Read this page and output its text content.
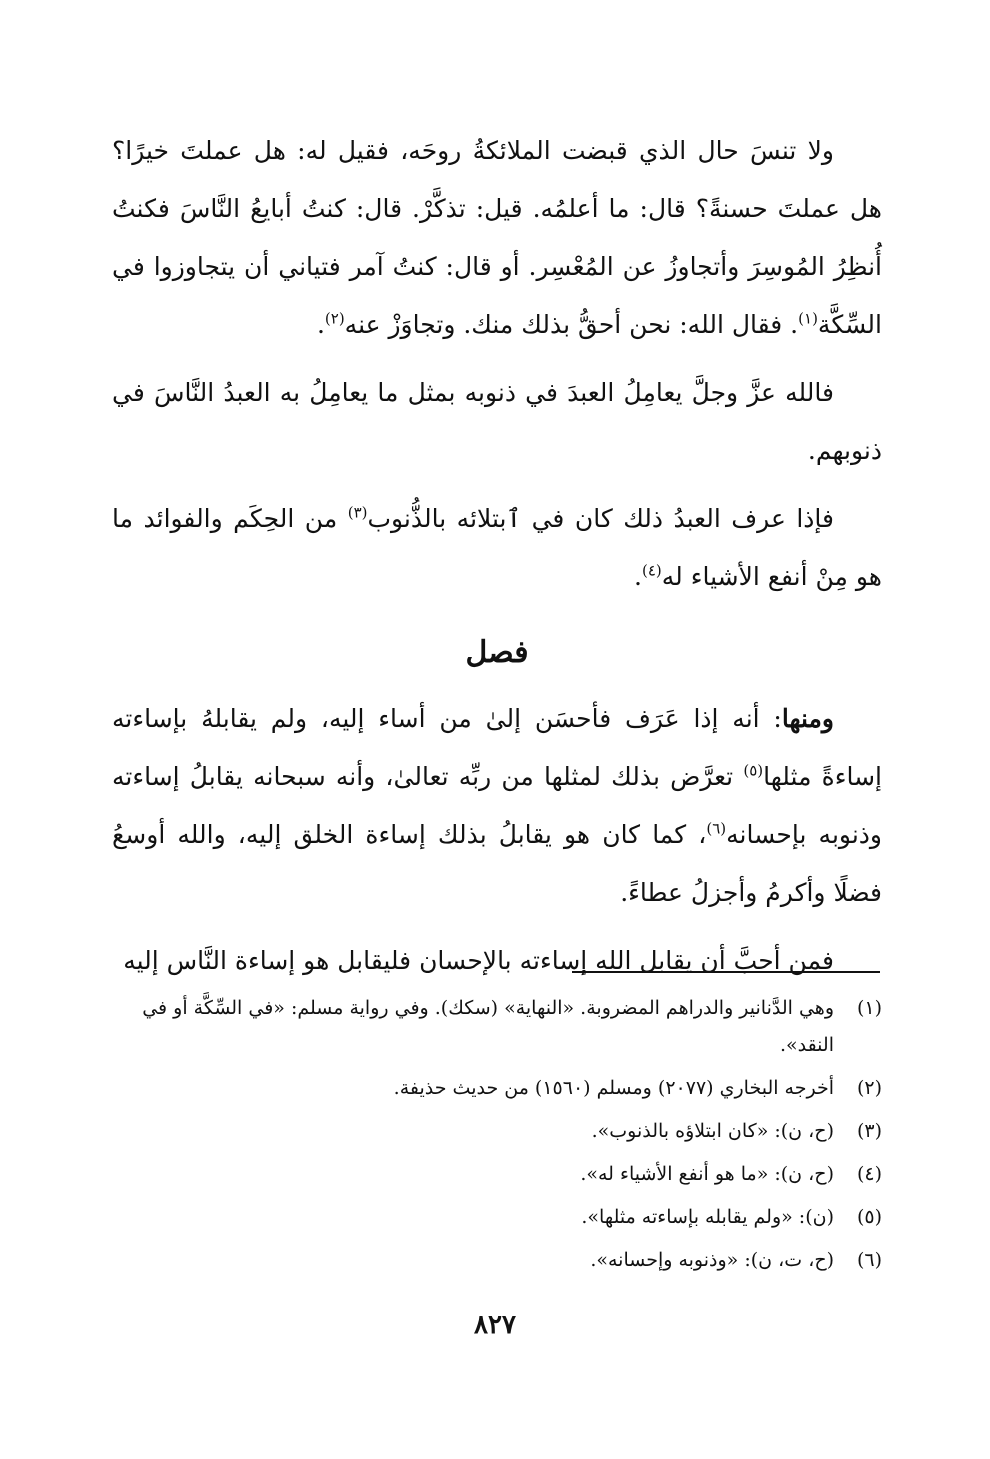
ولا تنسَ حال الذي قبضت الملائكةُ روحَه، فقيل له: هل عملتَ خيرًا؟ هل عملتَ حسنةً؟ قال: ما أعلمُه. قيل: تذكَّرْ. قال: كنتُ أبايعُ النَّاسَ فكنتُ أُنظِرُ المُوسِرَ وأتجاوزُ عن المُعْسِر. أو قال: كنتُ آمر فتياني أن يتجاوزوا في السِّكَّة$^{(١)}$. فقال الله: نحن أحقُّ بذلك منك. وتجاوَزْ عنه$^{(٢)}$.

فالله عزَّ وجلَّ يعامِلُ العبدَ في ذنوبه بمثل ما يعامِلُ به العبدُ النَّاسَ في ذنوبهم.

فإذا عرف العبدُ ذلك كان في ٱبتلائه بالذُّنوب$^{(٣)}$ من الحِكَم والفوائد ما هو مِنْ أنفع الأشياء له$^{(٤)}$.

فصل

ومنها: أنه إذا عَرَف فأحسَن إلىٰ من أساء إليه، ولم يقابلهُ بإساءته إساءةً مثلها$^{(٥)}$ تعرَّض بذلك لمثلها من ربِّه تعالىٰ، وأنه سبحانه يقابلُ إساءته وذنوبه بإحسانه$^{(٦)}$، كما كان هو يقابلُ بذلك إساءة الخلق إليه، والله أوسعُ فضلًا وأكرمُ وأجزلُ عطاءً.

فمن أحبَّ أن يقابل الله إساءته بالإحسان فليقابل هو إساءة النَّاس إليه

(١)
وهي الدَّنانير والدراهم المضروبة. «النهاية» (سكك). وفي رواية مسلم: «في السِّكَّة أو في النقد».
(٢)
أخرجه البخاري (٢٠٧٧) ومسلم (١٥٦٠) من حديث حذيفة.
(٣)
(ح، ن): «كان ابتلاؤه بالذنوب».
(٤)
(ح، ن): «ما هو أنفع الأشياء له».
(٥)
(ن): «ولم يقابله بإساءته مثلها».
(٦)
(ح، ت، ن): «وذنوبه وإحسانه».
٨٢٧
